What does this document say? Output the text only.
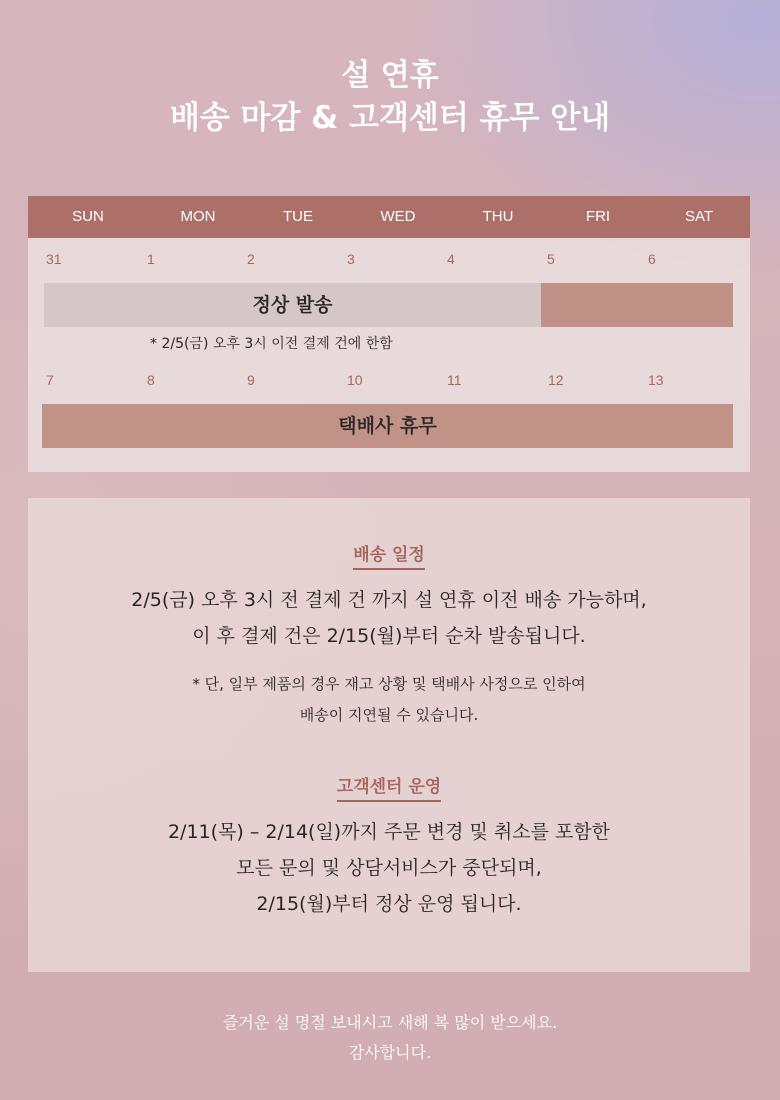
설 연휴
배송 마감 & 고객센터 휴무 안내
SUN	MON	TUE	WED	THU	FRI	SAT
31	1	2	3	4	5	6
정상 발송
* 2/5(금) 오후 3시 이전 결제 건에 한함
7	8	9	10	11	12	13
택배사 휴무
배송 일정
2/5(금) 오후 3시 전 결제 건 까지 설 연휴 이전 배송 가능하며,
이 후 결제 건은 2/15(월)부터 순차 발송됩니다.
* 단, 일부 제품의 경우 재고 상황 및 택배사 사정으로 인하여
배송이 지연될 수 있습니다.
고객센터 운영
2/11(목) – 2/14(일)까지 주문 변경 및 취소를 포함한
모든 문의 및 상담서비스가 중단되며,
2/15(월)부터 정상 운영 됩니다.
즐거운 설 명절 보내시고 새해 복 많이 받으세요.
감사합니다.
